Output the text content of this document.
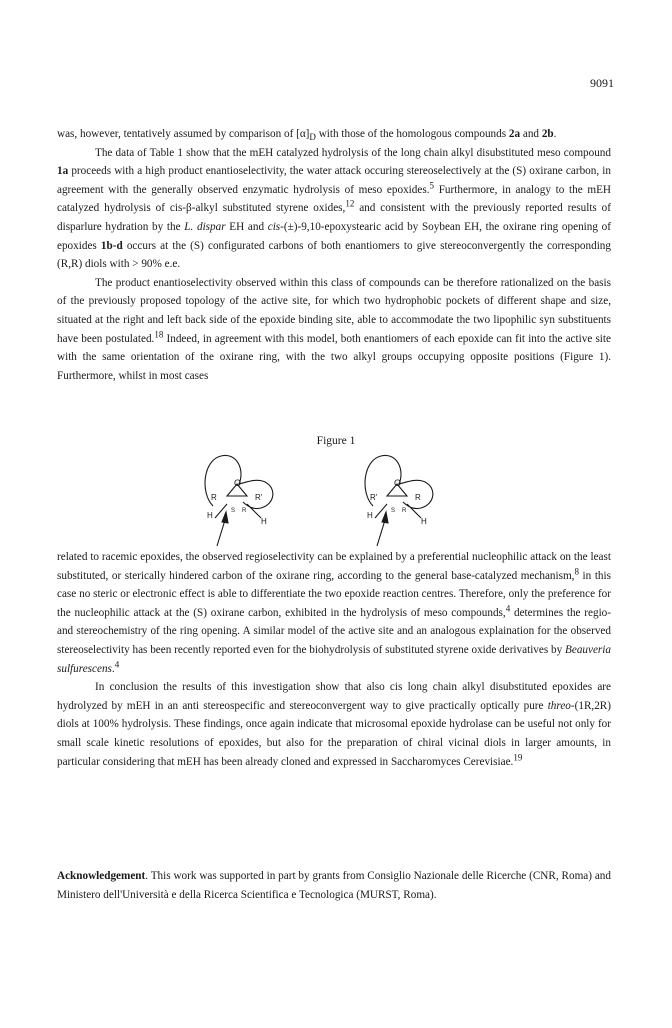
9091

was, however, tentatively assumed by comparison of $[\alpha]_D$ with those of the homologous compounds 2a and 2b.

The data of Table 1 show that the mEH catalyzed hydrolysis of the long chain alkyl disubstituted meso compound 1a proceeds with a high product enantioselectivity, the water attack occuring stereoselectively at the (S) oxirane carbon, in agreement with the generally observed enzymatic hydrolysis of meso epoxides.$^5$ Furthermore, in analogy to the mEH catalyzed hydrolysis of cis-β-alkyl substituted styrene oxides,$^{12}$ and consistent with the previously reported results of disparlure hydration by the L. dispar EH and cis-(±)-9,10-epoxystearic acid by Soybean EH, the oxirane ring opening of epoxides 1b-d occurs at the (S) configurated carbons of both enantiomers to give stereoconvergently the corresponding (R,R) diols with > 90% e.e.

The product enantioselectivity observed within this class of compounds can be therefore rationalized on the basis of the previously proposed topology of the active site, for which two hydrophobic pockets of different shape and size, situated at the right and left back side of the epoxide binding site, able to accommodate the two lipophilic syn substituents have been postulated.$^{18}$ Indeed, in agreement with this model, both enantiomers of each epoxide can fit into the active site with the same orientation of the oxirane ring, with the two alkyl groups occupying opposite positions (Figure 1). Furthermore, whilst in most cases

Figure 1
O
R	R'
S R
H
H
O
R'	R
S R
H
H

related to racemic epoxides, the observed regioselectivity can be explained by a preferential nucleophilic attack on the least substituted, or sterically hindered carbon of the oxirane ring, according to the general base-catalyzed mechanism,$^8$ in this case no steric or electronic effect is able to differentiate the two epoxide reaction centres. Therefore, only the preference for the nucleophilic attack at the (S) oxirane carbon, exhibited in the hydrolysis of meso compounds,$^4$ determines the regio- and stereochemistry of the ring opening. A similar model of the active site and an analogous explaination for the observed stereoselectivity has been recently reported even for the biohydrolysis of substituted styrene oxide derivatives by Beauveria sulfurescens.$^4$

In conclusion the results of this investigation show that also cis long chain alkyl disubstituted epoxides are hydrolyzed by mEH in an anti stereospecific and stereoconvergent way to give practically optically pure threo-(1R,2R) diols at 100% hydrolysis. These findings, once again indicate that microsomal epoxide hydrolase can be useful not only for small scale kinetic resolutions of epoxides, but also for the preparation of chiral vicinal diols in larger amounts, in particular considering that mEH has been already cloned and expressed in Saccharomyces Cerevisiae.$^{19}$

Acknowledgement. This work was supported in part by grants from Consiglio Nazionale delle Ricerche (CNR, Roma) and Ministero dell'Università e della Ricerca Scientifica e Tecnologica (MURST, Roma).
